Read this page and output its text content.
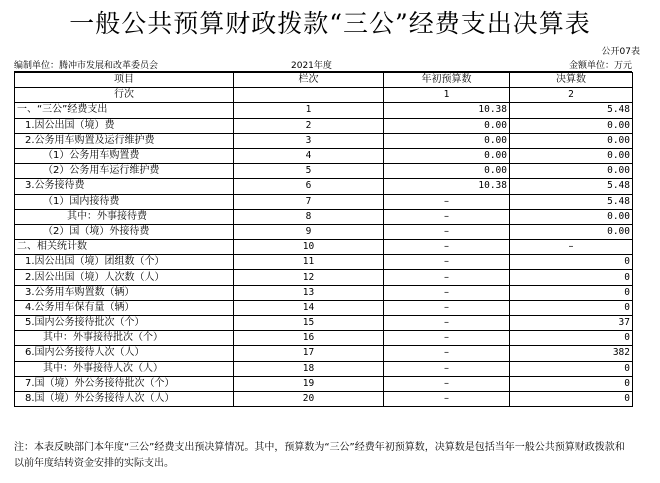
一般公共预算财政拨款“三公”经费支出决算表
公开07表
编制单位：腾冲市发展和改革委员会	2021年度	金额单位：万元
项目	栏次	年初预算数	决算数
行次		1	2
一、“三公”经费支出	1	10.38	5.48
1.因公出国（境）费	2	0.00	0.00
2.公务用车购置及运行维护费	3	0.00	0.00
（1）公务用车购置费	4	0.00	0.00
（2）公务用车运行维护费	5	0.00	0.00
3.公务接待费	6	10.38	5.48
（1）国内接待费	7	–	5.48
其中：外事接待费	8	–	0.00
（2）国（境）外接待费	9	–	0.00
二、相关统计数	10	–	–
1.因公出国（境）团组数（个）	11	–	0
2.因公出国（境）人次数（人）	12	–	0
3.公务用车购置数（辆）	13	–	0
4.公务用车保有量（辆）	14	–	0
5.国内公务接待批次（个）	15	–	37
其中：外事接待批次（个）	16	–	0
6.国内公务接待人次（人）	17	–	382
其中：外事接待人次（人）	18	–	0
7.国（境）外公务接待批次（个）	19	–	0
8.国（境）外公务接待人次（人）	20	–	0
注：本表反映部门本年度“三公”经费支出预决算情况。其中，预算数为“三公”经费年初预算数，决算数是包括当年一般公共预算财政拨款和以前年度结转资金安排的实际支出。
